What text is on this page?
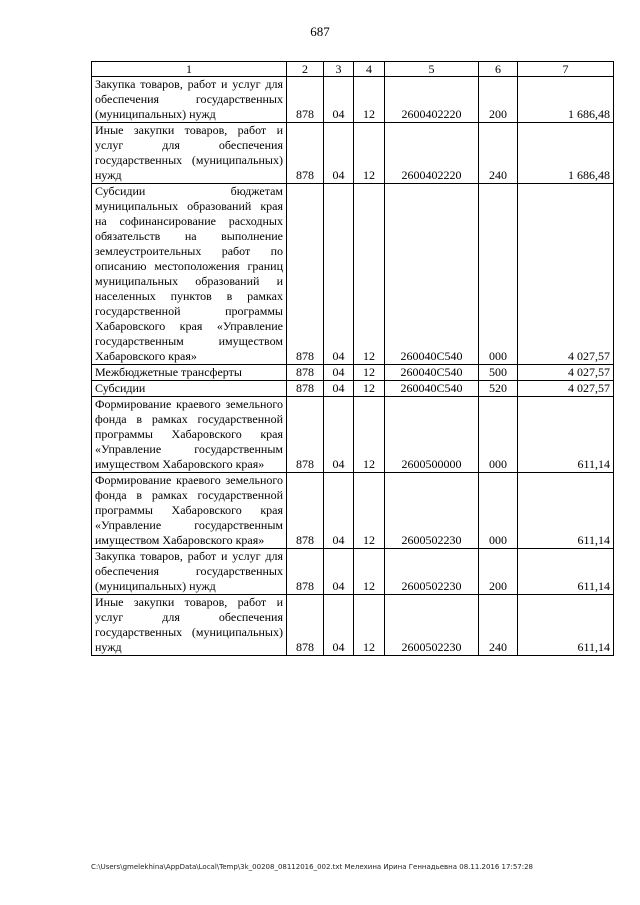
687
1	2	3	4	5	6	7
Закупка товаров, работ и услуг для обеспечения государственных (муниципальных) нужд	878	04	12	2600402220	200	1 686,48
Иные закупки товаров, работ и услуг для обеспечения государственных (муниципальных) нужд	878	04	12	2600402220	240	1 686,48
Субсидии бюджетам муниципальных образований края на софинансирование расходных обязательств на выполнение землеустроительных работ по описанию местоположения границ муниципальных образований и населенных пунктов в рамках государственной программы Хабаровского края «Управление государственным имуществом Хабаровского края»	878	04	12	260040С540	000	4 027,57
Межбюджетные трансферты	878	04	12	260040С540	500	4 027,57
Субсидии	878	04	12	260040С540	520	4 027,57
Формирование краевого земельного фонда в рамках государственной программы Хабаровского края «Управление государственным имуществом Хабаровского края»	878	04	12	2600500000	000	611,14
Формирование краевого земельного фонда в рамках государственной программы Хабаровского края «Управление государственным имуществом Хабаровского края»	878	04	12	2600502230	000	611,14
Закупка товаров, работ и услуг для обеспечения государственных (муниципальных) нужд	878	04	12	2600502230	200	611,14
Иные закупки товаров, работ и услуг для обеспечения государственных (муниципальных) нужд	878	04	12	2600502230	240	611,14
C:\Users\gmelekhina\AppData\Local\Temp\3k_00208_08112016_002.txt Мелехина Ирина Геннадьевна 08.11.2016 17:57:28
